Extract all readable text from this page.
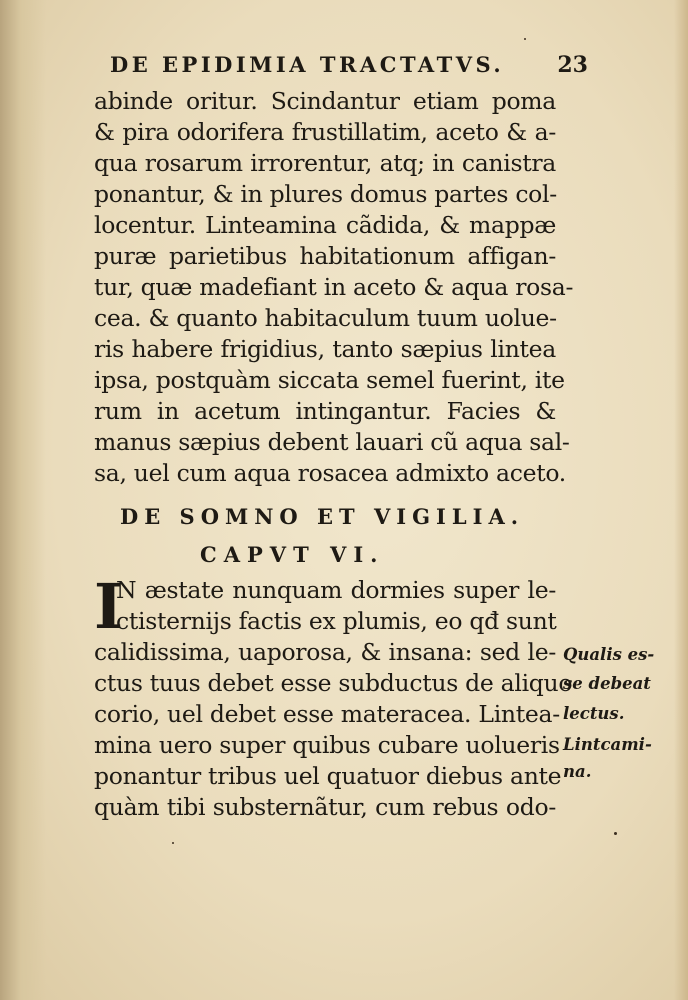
DE EPIDIMIA TRACTATVS. 23
abinde oritur. Scindantur etiam poma
& pira odorifera frustillatim, aceto & a-
qua rosarum irrorentur, atq; in canistra
ponantur, & in plures domus partes col-
locentur. Linteamina cãdida, & mappæ
puræ parietibus habitationum affigan-
tur, quæ madefiant in aceto & aqua rosa-
cea. & quanto habitaculum tuum uolue-
ris habere frigidius, tanto sæpius lintea
ipsa, postquàm siccata semel fuerint, ite
rum in acetum intingantur. Facies &
manus sæpius debent lauari cũ aqua sal-
sa, uel cum aqua rosacea admixto aceto.
DE SOMNO ET VIGILIA.
CAPVT VI.
I
N æstate nunquam dormies super le-
ctisternijs factis ex plumis, eo qđ sunt
calidissima, uaporosa, & insana: sed le-
ctus tuus debet esse subductus de aliquo
corio, uel debet esse materacea. Lintea-
mina uero super quibus cubare uolueris
ponantur tribus uel quatuor diebus ante
quàm tibi substernãtur, cum rebus odo-
Qualis es-
se debeat
lectus.
Lintcami-
na.
